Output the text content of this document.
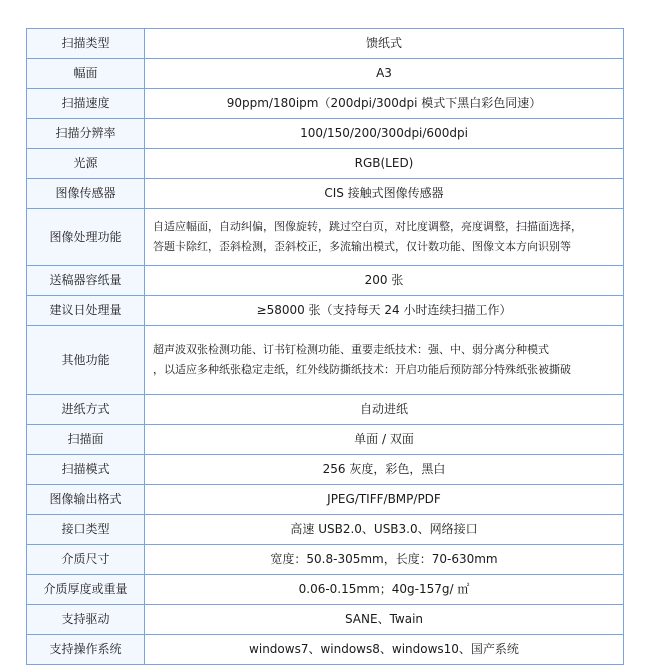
扫描类型	馈纸式
幅面	A3
扫描速度	90ppm/180ipm（200dpi/300dpi 模式下黑白彩色同速）
扫描分辨率	100/150/200/300dpi/600dpi
光源	RGB(LED)
图像传感器	CIS 接触式图像传感器
图像处理功能	自适应幅面，自动纠偏，图像旋转，跳过空白页，对比度调整，亮度调整，扫描面选择，
答题卡除红，歪斜检测，歪斜校正，多流输出模式，仅计数功能、图像文本方向识别等

送稿器容纸量	200 张
建议日处理量	≥58000 张（支持每天 24 小时连续扫描工作）
其他功能	超声波双张检测功能、订书钉检测功能、重要走纸技术：强、中、弱分离分种模式
，以适应多种纸张稳定走纸，红外线防撕纸技术：开启功能后预防部分特殊纸张被撕破

进纸方式	自动进纸
扫描面	单面 / 双面
扫描模式	256 灰度，彩色，黑白
图像输出格式	JPEG/TIFF/BMP/PDF
接口类型	高速 USB2.0、USB3.0、网络接口
介质尺寸	宽度：50.8-305mm，长度：70-630mm
介质厚度或重量	0.06-0.15mm；40g-157g/ ㎡
支持驱动	SANE、Twain
支持操作系统	windows7、windows8、windows10、国产系统
